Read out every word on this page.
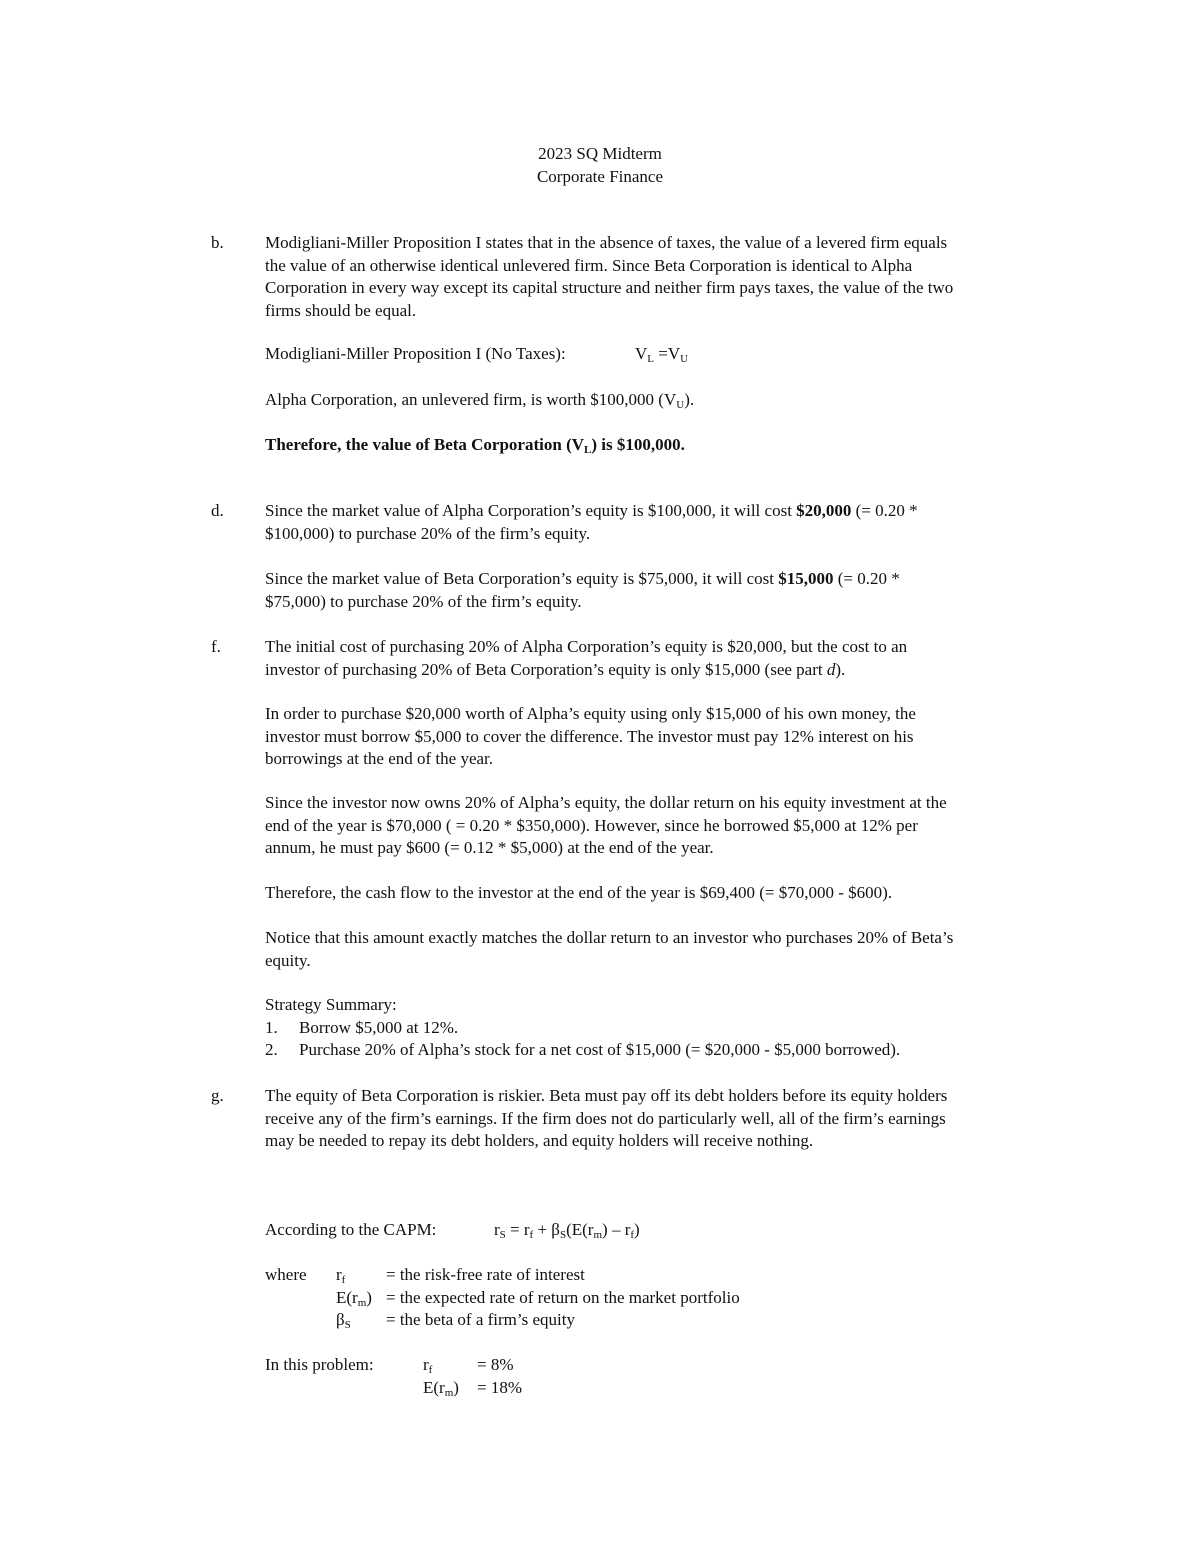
2023 SQ Midterm
Corporate Finance
b. Modigliani-Miller Proposition I states that in the absence of taxes, the value of a levered firm equals

the value of an otherwise identical unlevered firm. Since Beta Corporation is identical to Alpha

Corporation in every way except its capital structure and neither firm pays taxes, the value of the two

firms should be equal.

Modigliani-Miller Proposition I (No Taxes):	$V_L =V_U$
Alpha Corporation, an unlevered firm, is worth $100,000 $(V_U)$.
Therefore, the value of Beta Corporation $(V_L)$ is $100,000.
d. Since the market value of Alpha Corporation’s equity is $100,000, it will cost $20,000 (= 0.20 *

$100,000) to purchase 20% of the firm’s equity.

Since the market value of Beta Corporation’s equity is $75,000, it will cost $15,000 (= 0.20 *

$75,000) to purchase 20% of the firm’s equity.

f.	The initial cost of purchasing 20% of Alpha Corporation’s equity is $20,000, but the cost to an

investor of purchasing 20% of Beta Corporation’s equity is only $15,000 (see part d).

In order to purchase $20,000 worth of Alpha’s equity using only $15,000 of his own money, the

investor must borrow $5,000 to cover the difference. The investor must pay 12% interest on his

borrowings at the end of the year.

Since the investor now owns 20% of Alpha’s equity, the dollar return on his equity investment at the

end of the year is $70,000 ( = 0.20 * $350,000). However, since he borrowed $5,000 at 12% per

annum, he must pay $600 (= 0.12 * $5,000) at the end of the year.

Therefore, the cash flow to the investor at the end of the year is $69,400 (= $70,000 - $600).

Notice that this amount exactly matches the dollar return to an investor who purchases 20% of Beta’s

equity.

Strategy Summary:

1. Borrow $5,000 at 12%.
2. Purchase 20% of Alpha’s stock for a net cost of $15,000 (= $20,000 - $5,000 borrowed).
g. The equity of Beta Corporation is riskier. Beta must pay off its debt holders before its equity holders

receive any of the firm’s earnings. If the firm does not do particularly well, all of the firm’s earnings

may be needed to repay its debt holders, and equity holders will receive nothing.

According to the CAPM:	$r_S = r_f + \beta_S(E(r_m) - r_f)$
where $r_f$ = the risk-free rate of interest
$E(r_m)$ = the expected rate of return on the market portfolio
$\beta_S$ = the beta of a firm’s equity
In this problem:	$r_f$	= 8%
$E(r_m) = 18\%$
